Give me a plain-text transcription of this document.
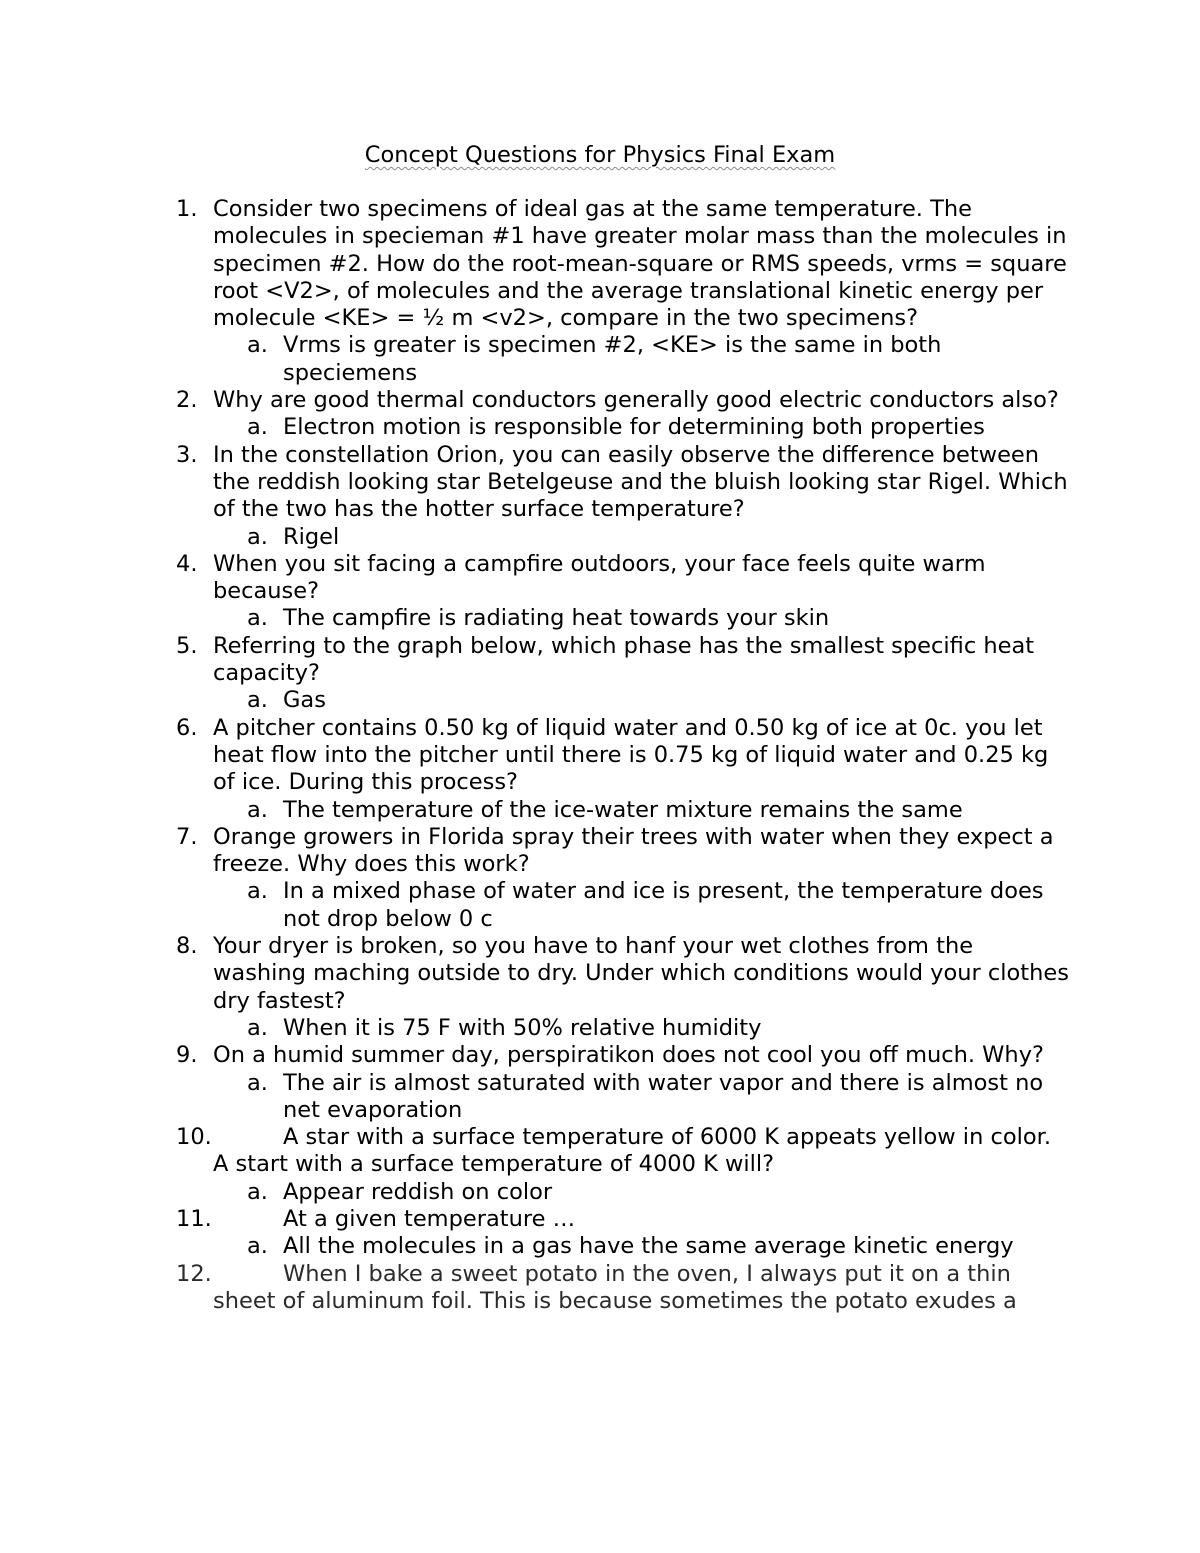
Concept Questions for Physics Final Exam
1. Consider two specimens of ideal gas at the same temperature. The molecules in specieman #1 have greater molar mass than the molecules in specimen #2. How do the root-mean-square or RMS speeds, vrms = square root <V2>, of molecules and the average translational kinetic energy per molecule <KE> = ½ m <v2>, compare in the two specimens?
a. Vrms is greater is specimen #2, <KE> is the same in both speciemens
2. Why are good thermal conductors generally good electric conductors also?
a. Electron motion is responsible for determining both properties
3. In the constellation Orion, you can easily observe the difference between the reddish looking star Betelgeuse and the bluish looking star Rigel. Which of the two has the hotter surface temperature?
a. Rigel
4. When you sit facing a campfire outdoors, your face feels quite warm because?
a. The campfire is radiating heat towards your skin
5. Referring to the graph below, which phase has the smallest specific heat capacity?
a. Gas
6. A pitcher contains 0.50 kg of liquid water and 0.50 kg of ice at 0c. you let heat flow into the pitcher until there is 0.75 kg of liquid water and 0.25 kg of ice. During this process?
a. The temperature of the ice-water mixture remains the same
7. Orange growers in Florida spray their trees with water when they expect a freeze. Why does this work?
a. In a mixed phase of water and ice is present, the temperature does not drop below 0 c
8. Your dryer is broken, so you have to hanf your wet clothes from the washing maching outside to dry. Under which conditions would your clothes dry fastest?
a. When it is 75 F with 50% relative humidity
9. On a humid summer day, perspiratikon does not cool you off much. Why?
a. The air is almost saturated with water vapor and there is almost no net evaporation
10.	A star with a surface temperature of 6000 K appeats yellow in color. A start with a surface temperature of 4000 K will?
a. Appear reddish on color
11.	At a given temperature …
a. All the molecules in a gas have the same average kinetic energy
12.	When I bake a sweet potato in the oven, I always put it on a thin sheet of aluminum foil. This is because sometimes the potato exudes a
